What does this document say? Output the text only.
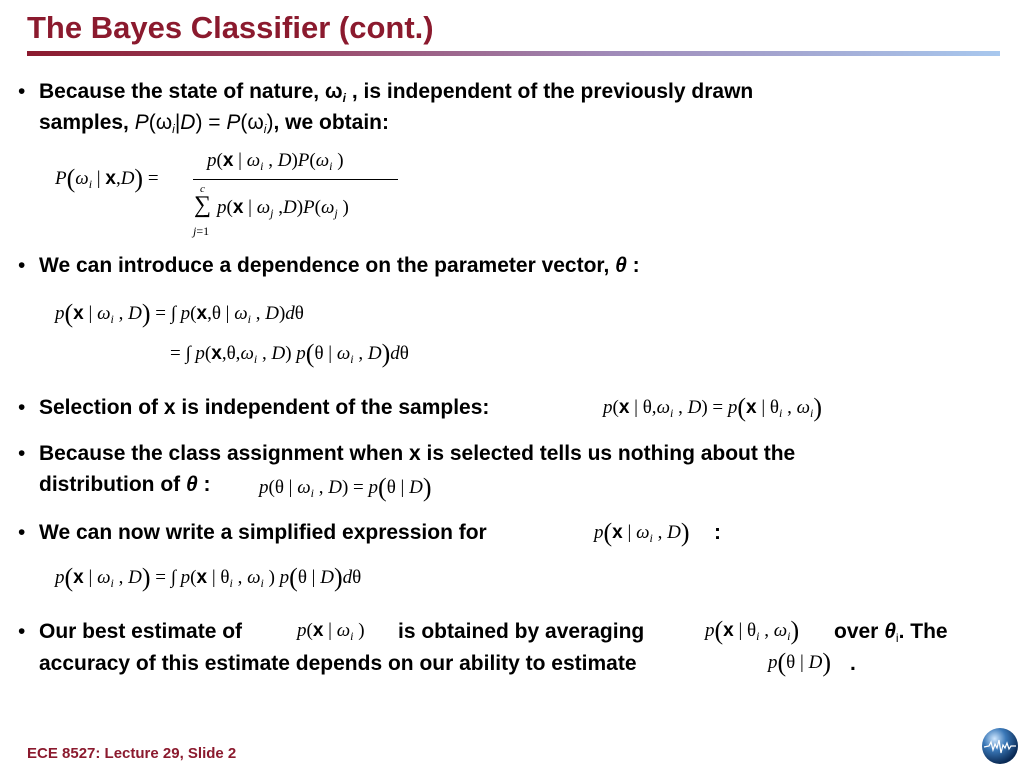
The Bayes Classifier (cont.)
• Because the state of nature, $\omega_i$ , is independent of the previously drawn
samples, $P(\omega_i|D) = P(\omega_i)$, we obtain:
$P(\omega_i$ | x,D) =
p(x | $\omega_i$ , $D)P(\omega_i$ )
c
∑ p(x | $\omega_j$ $,D)P(\omega_j$ )
j=1
• We can introduce a dependence on the parameter vector, θ :
p(x | $\omega_i$ , D) = ∫ p(x,θ | $\omega_i$ , D)dθ
= ∫ $p(x,\theta,\omega_i$ , D) p(θ | $\omega_i$ , D)dθ
• Selection of x is independent of the samples:	p(x | $\theta,\omega_i$ , D) = p(x | $\theta_i$ , $\omega_i$)
• Because the class assignment when x is selected tells us nothing about the
distribution of θ :	p(θ | $\omega_i$ , D) = p(θ | D)
• We can now write a simplified expression for	:
p(x | $\omega_i$ , D)
p(x | $\omega_i$ , D) = ∫ p(x | $\theta_i$ , $\omega_i$ ) p(θ | D)dθ
• Our best estimate of	is obtained by averaging	over $\theta_i$. The
p(x | $\omega_i$ )	p(x | $\theta_i$ , $\omega_i$)
accuracy of this estimate depends on our ability to estimate	.
p(θ | D)
ECE 8527: Lecture 29, Slide 2
